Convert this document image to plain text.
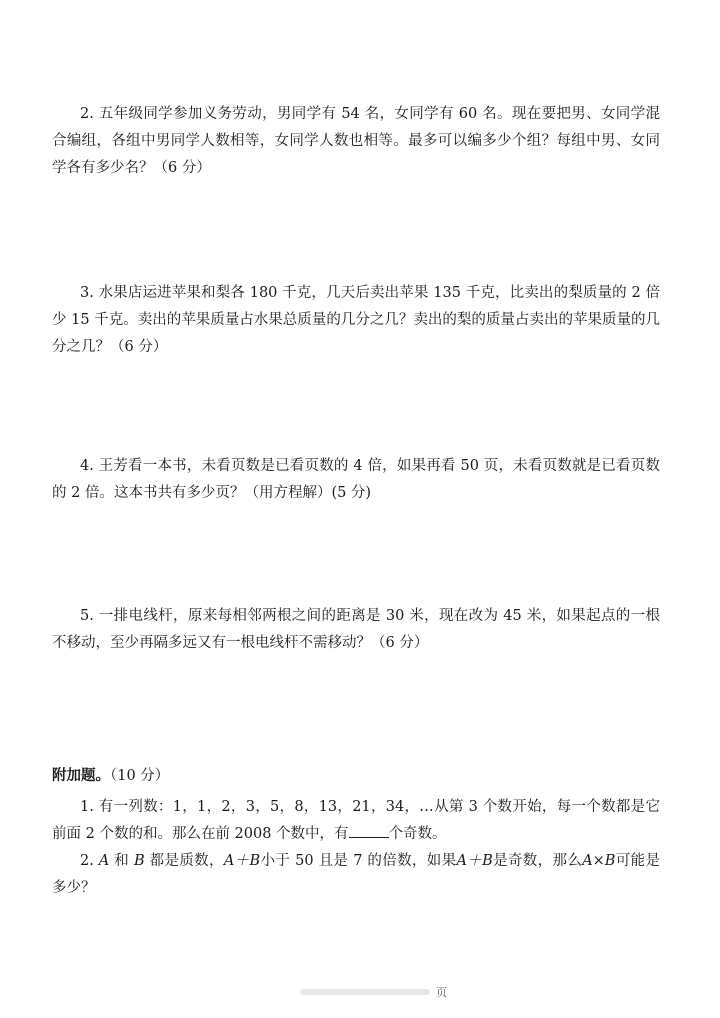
2. 五年级同学参加义务劳动，男同学有 54 名，女同学有 60 名。现在要把男、女同学混合编组，各组中男同学人数相等，女同学人数也相等。最多可以编多少个组？每组中男、女同学各有多少名？（6 分）

3. 水果店运进苹果和梨各 180 千克，几天后卖出苹果 135 千克，比卖出的梨质量的 2 倍少 15 千克。卖出的苹果质量占水果总质量的几分之几？卖出的梨的质量占卖出的苹果质量的几分之几？（6 分）

4. 王芳看一本书，未看页数是已看页数的 4 倍，如果再看 50 页，未看页数就是已看页数的 2 倍。这本书共有多少页？（用方程解）(5 分)

5. 一排电线杆，原来每相邻两根之间的距离是 30 米，现在改为 45 米，如果起点的一根不移动，至少再隔多远又有一根电线杆不需移动？（6 分）

附加题。（10 分）

1. 有一列数：1，1，2，3，5，8，13，21，34，…从第 3 个数开始，每一个数都是它前面 2 个数的和。那么在前 2008 个数中，有	个奇数。

2. A 和 B 都是质数，A＋B小于 50 且是 7 的倍数，如果A＋B是奇数，那么A×B可能是多少？

页
